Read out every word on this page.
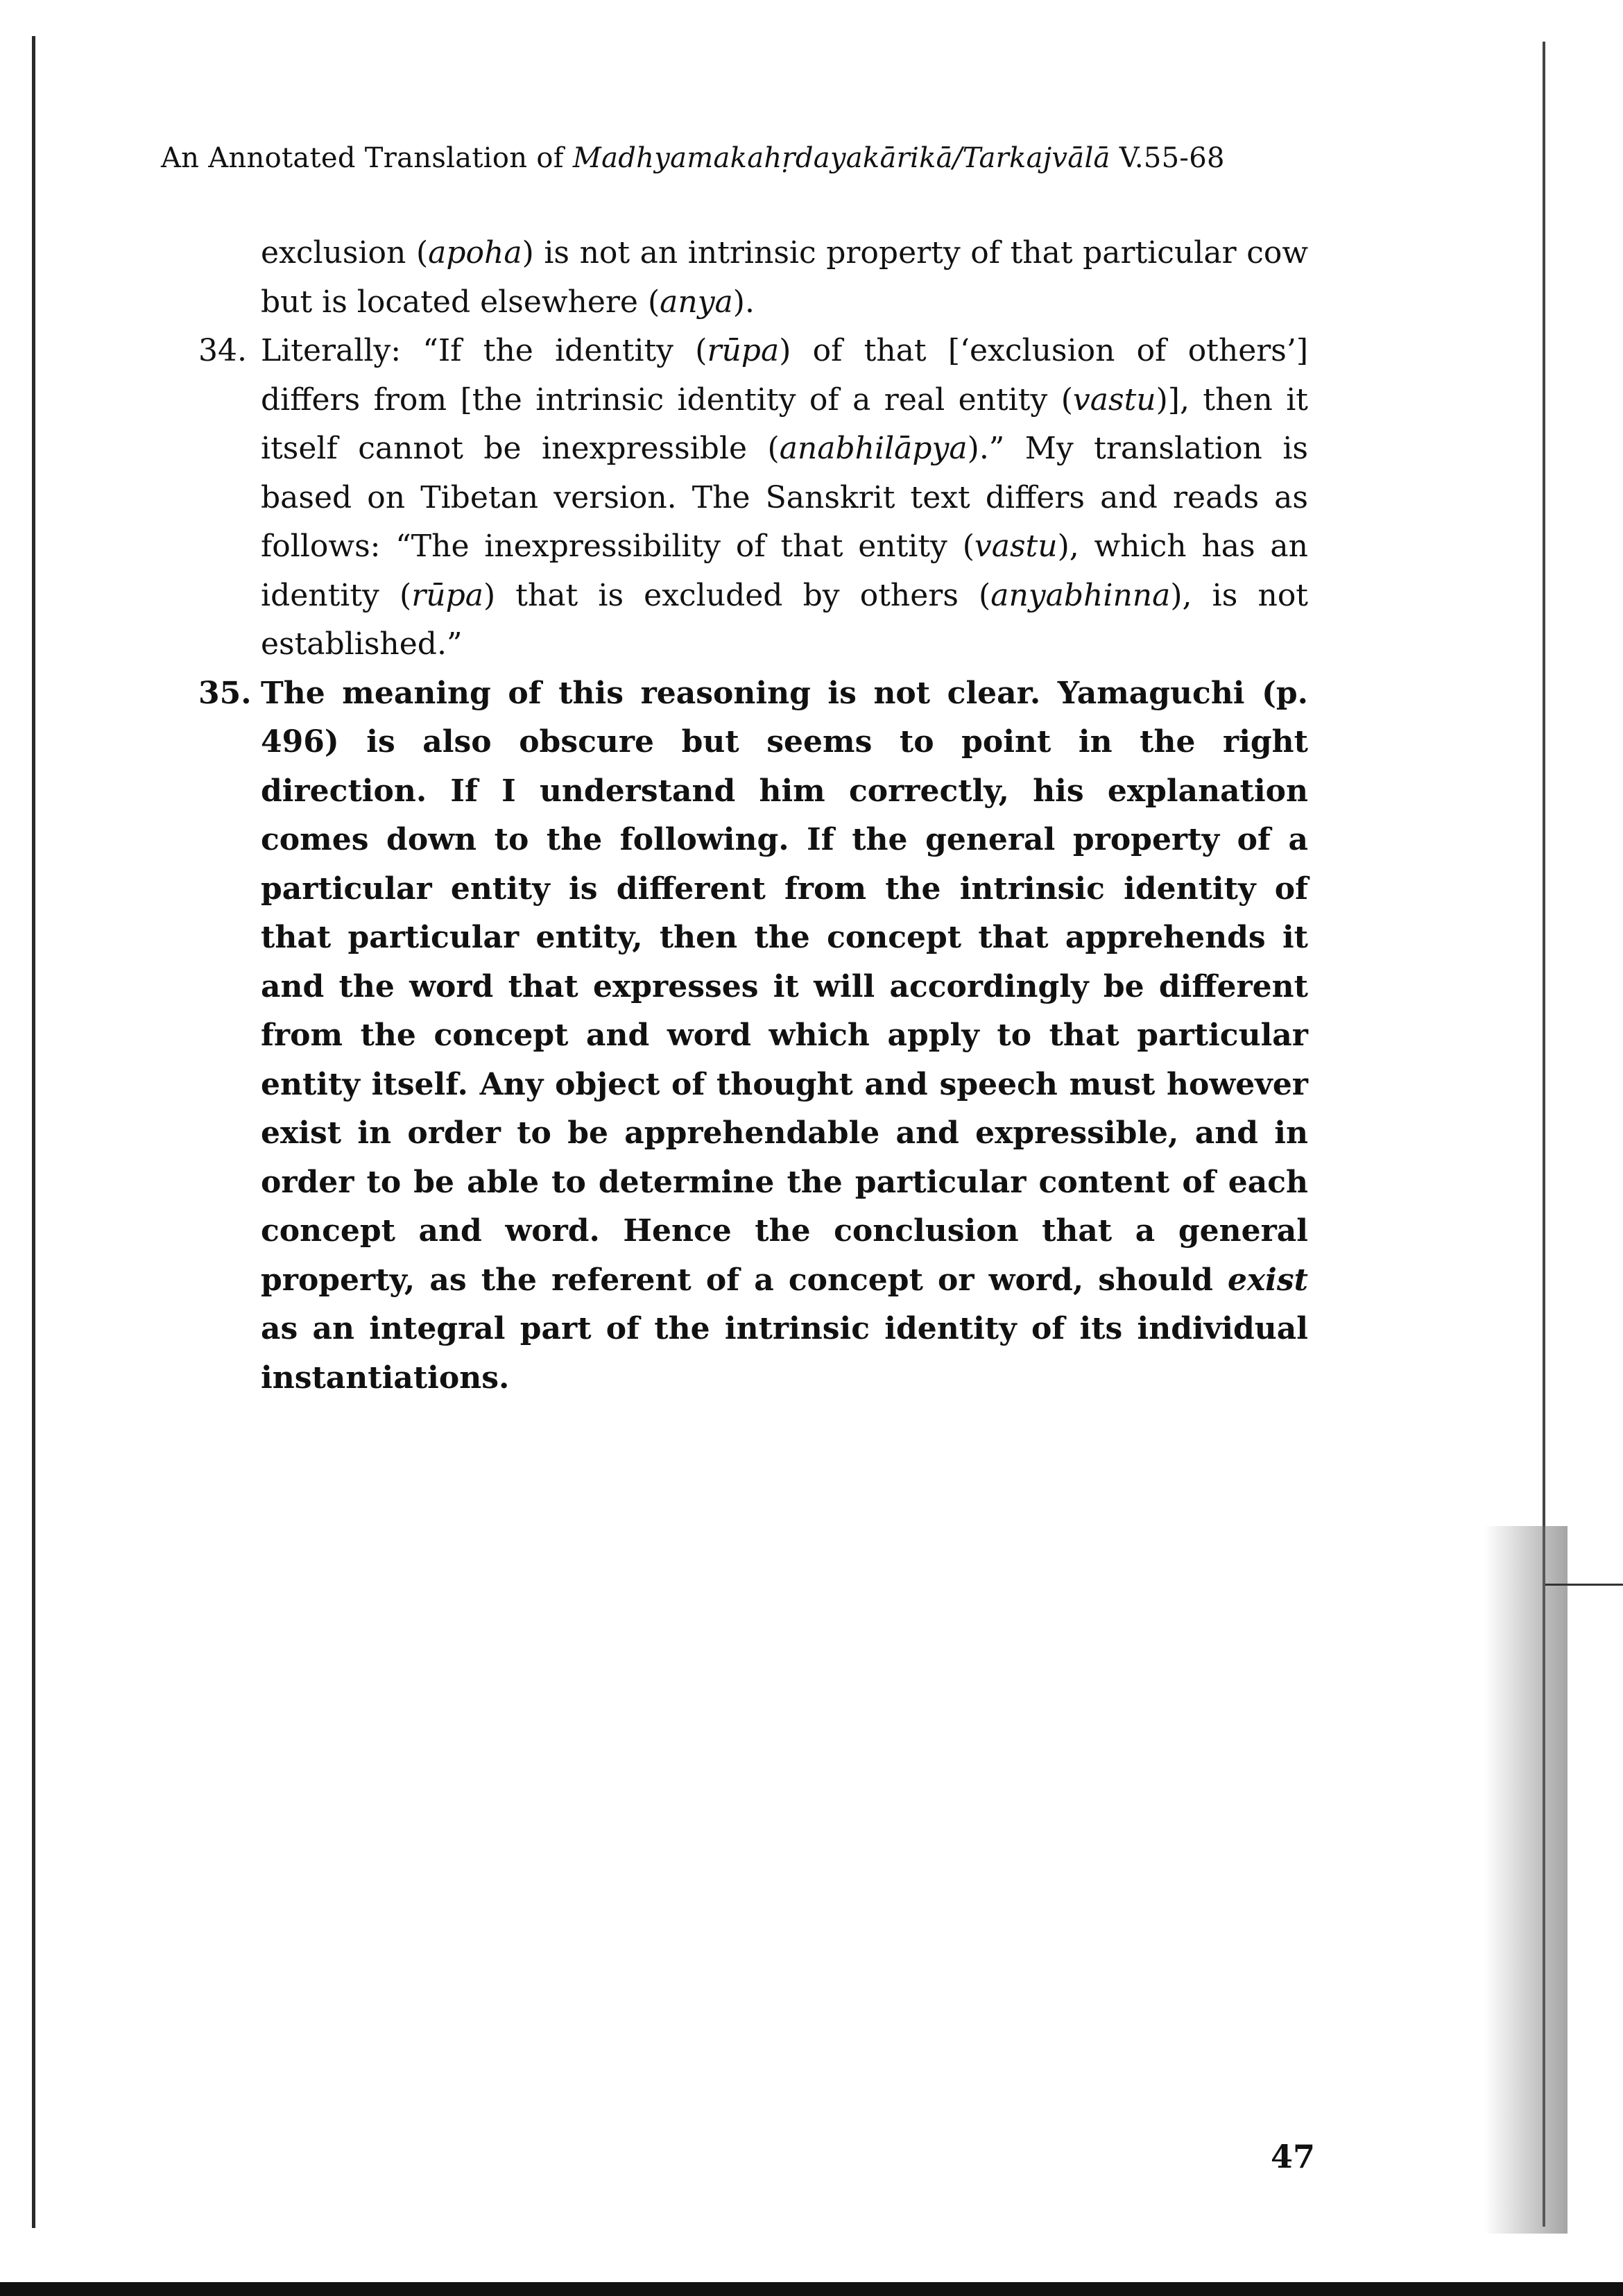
An Annotated Translation of Madhyamakahṛdayakārikā/Tarkajvālā V.55-68

exclusion (apoha) is not an intrinsic property of that particular cow but is located elsewhere (anya).

34. Literally: “If the identity (rūpa) of that [‘exclusion of others’] differs from [the intrinsic identity of a real entity (vastu)], then it itself cannot be inexpressible (anabhilāpya).” My translation is based on Tibetan version. The Sanskrit text differs and reads as follows: “The inexpressibility of that entity (vastu), which has an identity (rūpa) that is excluded by others (anyabhinna), is not established.”

35. The meaning of this reasoning is not clear. Yamaguchi (p. 496) is also obscure but seems to point in the right direction. If I understand him correctly, his explanation comes down to the following. If the general property of a particular entity is different from the intrinsic identity of that particular entity, then the concept that apprehends it and the word that expresses it will accordingly be different from the concept and word which apply to that particular entity itself. Any object of thought and speech must however exist in order to be apprehendable and expressible, and in order to be able to determine the particular content of each concept and word. Hence the conclusion that a general property, as the referent of a concept or word, should exist as an integral part of the intrinsic identity of its individual instantiations.

47
